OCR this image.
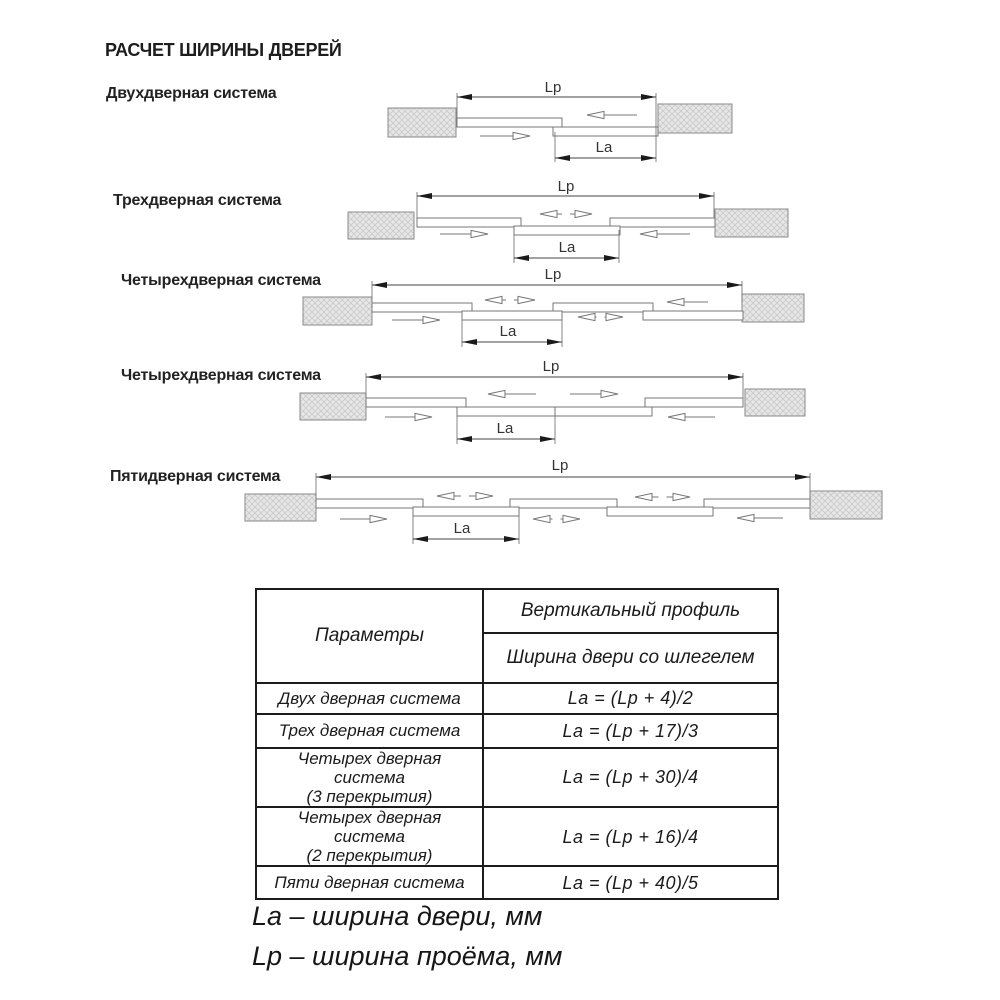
РАСЧЕТ ШИРИНЫ ДВЕРЕЙ
Двухдверная система
Трехдверная система
Четырехдверная система
Четырехдверная система
Пятидверная система
Lp
La
Lp
La
Lp
La
Lp
La
Lp
La
Параметры	Вертикальный профиль
	Ширина двери со шлегелем

Двух дверная система	La = (Lp + 4)/2

Трех дверная система	La = (Lp + 17)/3

Четырех дверная система
(3 перекрытия)	La = (Lp + 30)/4

Четырех дверная система
(2 перекрытия)	La = (Lp + 16)/4

Пяти дверная система	La = (Lp + 40)/5
La – ширина двери, мм
Lp – ширина проёма, мм
